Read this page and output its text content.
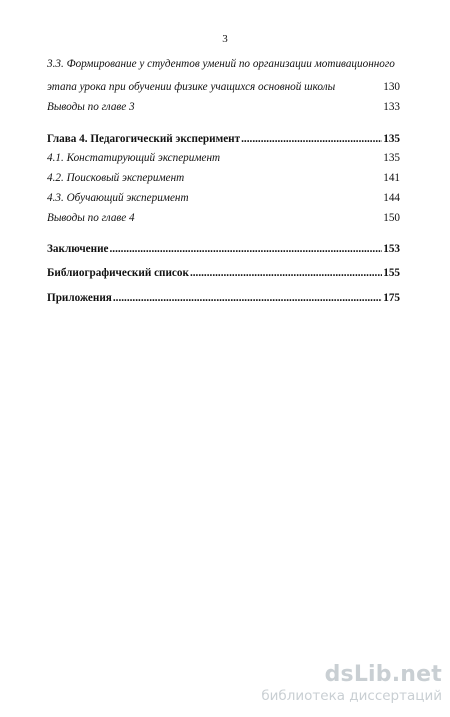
3
3.3. Формирование у студентов умений по организации мотивационного
этапа урока при обучении физике учащихся основной школы	130
Выводы по главе 3	133
Глава 4. Педагогический эксперимент .....	135
4.1. Констатирующий эксперимент	135
4.2. Поисковый эксперимент	141
4.3. Обучающий эксперимент	144
Выводы по главе 4	150
Заключение .....	153
Библиографический список .....	155
Приложения .....	175
dsLib.net
библиотека диссертаций
